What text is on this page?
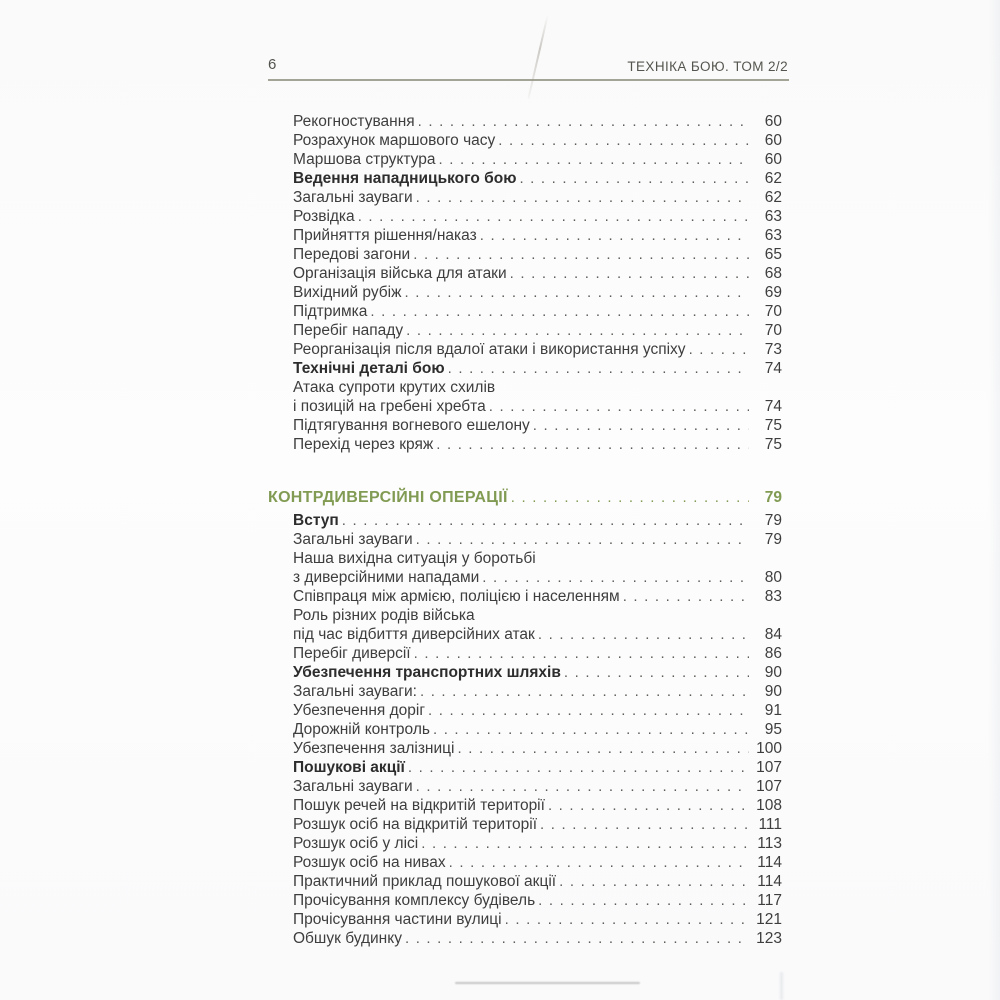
6	ТЕХНІКА БОЮ. ТОМ 2/2
Рекогностування . . .	60
Розрахунок маршового часу . . .	60
Маршова структура . . .	60
Ведення нападницького бою . . .	62
Загальні зауваги . . .	62
Розвідка . . .	63
Прийняття рішення/наказ . . .	63
Передові загони . . .	65
Організація війська для атаки . . .	68
Вихідний рубіж . . .	69
Підтримка . . .	70
Перебіг нападу . . .	70
Реорганізація після вдалої атаки і використання успіху . . .	73
Технічні деталі бою . . .	74
Атака супроти крутих схилів
і позицій на гребені хребта . . .	74
Підтягування вогневого ешелону . . .	75
Перехід через кряж . . .	75
КОНТРДИВЕРСІЙНІ ОПЕРАЦІЇ . . .	79
Вступ . . .	79
Загальні зауваги . . .	79
Наша вихідна ситуація у боротьбі
з диверсійними нападами . . .	80
Співпраця між армією, поліцією і населенням . . .	83
Роль різних родів війська
під час відбиття диверсійних атак . . .	84
Перебіг диверсії . . .	86
Убезпечення транспортних шляхів . . .	90
Загальні зауваги: . . .	90
Убезпечення доріг . . .	91
Дорожній контроль . . .	95
Убезпечення залізниці . . .	100
Пошукові акції . . .	107
Загальні зауваги . . .	107
Пошук речей на відкритій території . . .	108
Розшук осіб на відкритій території . . .	111
Розшук осіб у лісі . . .	113
Розшук осіб на нивах . . .	114
Практичний приклад пошукової акції . . .	114
Прочісування комплексу будівель . . .	117
Прочісування частини вулиці . . .	121
Обшук будинку . . .	123
